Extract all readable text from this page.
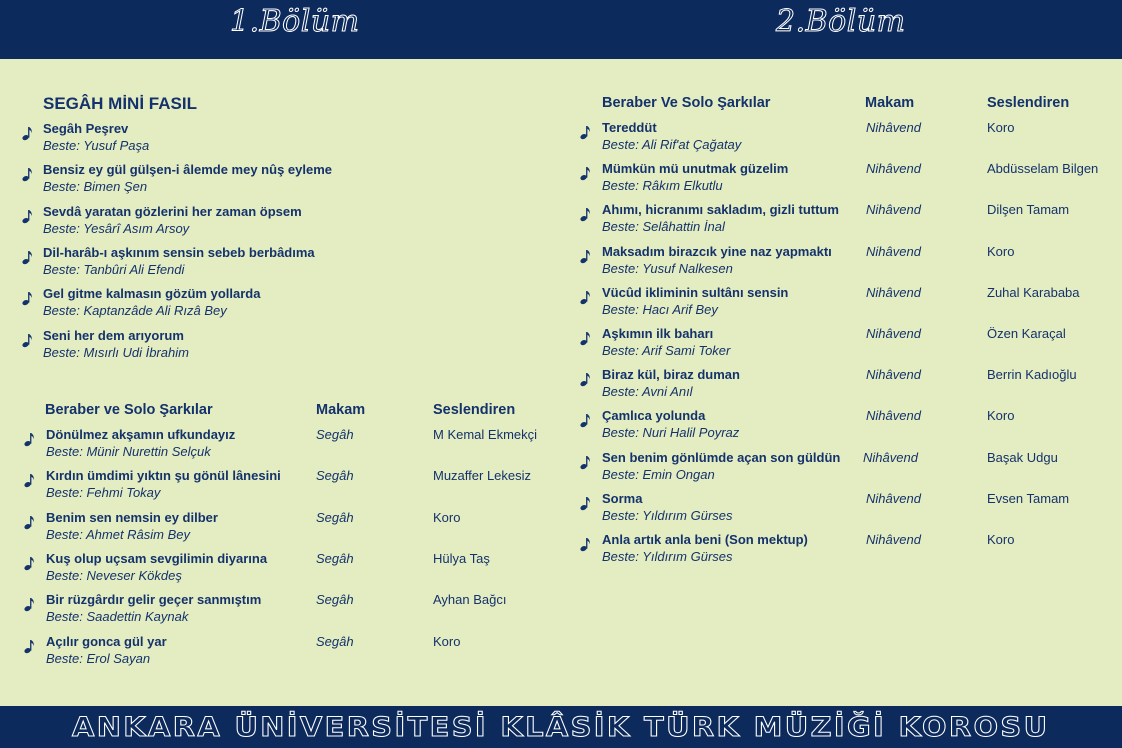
1.Bölüm	2.Bölüm
SEGÂH MİNİ FASIL
Segâh Peşrev
Beste: Yusuf Paşa
Bensiz ey gül gülşen-i âlemde mey nûş eyleme
Beste: Bimen Şen
Sevdâ yaratan gözlerini her zaman öpsem
Beste: Yesârî Asım Arsoy
Dil-harâb-ı aşkınım sensin sebeb berbâdıma
Beste: Tanbûri Ali Efendi
Gel gitme kalmasın gözüm yollarda
Beste: Kaptanzâde Ali Rızâ Bey
Seni her dem arıyorum
Beste: Mısırlı Udi İbrahim
Beraber ve Solo Şarkılar	Makam	Seslendiren
Dönülmez akşamın ufkundayız
Beste: Münir Nurettin Selçuk
Segâh	M Kemal Ekmekçi
Kırdın ümdimi yıktın şu gönül lânesini
Beste: Fehmi Tokay
Segâh	Muzaffer Lekesiz
Benim sen nemsin ey dilber
Beste: Ahmet Râsim Bey
Segâh	Koro
Kuş olup uçsam sevgilimin diyarına
Beste: Neveser Kökdeş
Segâh	Hülya Taş
Bir rüzgârdır gelir geçer sanmıştım
Beste: Saadettin Kaynak
Segâh	Ayhan Bağcı
Açılır gonca gül yar
Beste: Erol Sayan
Segâh	Koro
Beraber Ve Solo Şarkılar	Makam	Seslendiren
Tereddüt
Beste: Ali Rif'at Çağatay
Nihâvend	Koro
Mümkün mü unutmak güzelim
Beste: Râkım Elkutlu
Nihâvend	Abdüsselam Bilgen
Ahımı, hicranımı sakladım, gizli tuttum
Beste: Selâhattin İnal
Nihâvend	Dilşen Tamam
Maksadım birazcık yine naz yapmaktı
Beste: Yusuf Nalkesen
Nihâvend	Koro
Vücûd ikliminin sultânı sensin
Beste: Hacı Arif Bey
Nihâvend	Zuhal Karababa
Aşkımın ilk baharı
Beste: Arif Sami Toker
Nihâvend	Özen Karaçal
Biraz kül, biraz duman
Beste: Avni Anıl
Nihâvend	Berrin Kadıoğlu
Çamlıca yolunda
Beste: Nuri Halil Poyraz
Nihâvend	Koro
Sen benim gönlümde açan son güldün
Beste: Emin Ongan
Nihâvend	Başak Udgu
Sorma
Beste: Yıldırım Gürses
Nihâvend	Evsen Tamam
Anla artık anla beni (Son mektup)
Beste: Yıldırım Gürses
Nihâvend	Koro
ANKARA ÜNİVERSİTESİ KLÂSİK TÜRK MÜZİĞİ KOROSU
